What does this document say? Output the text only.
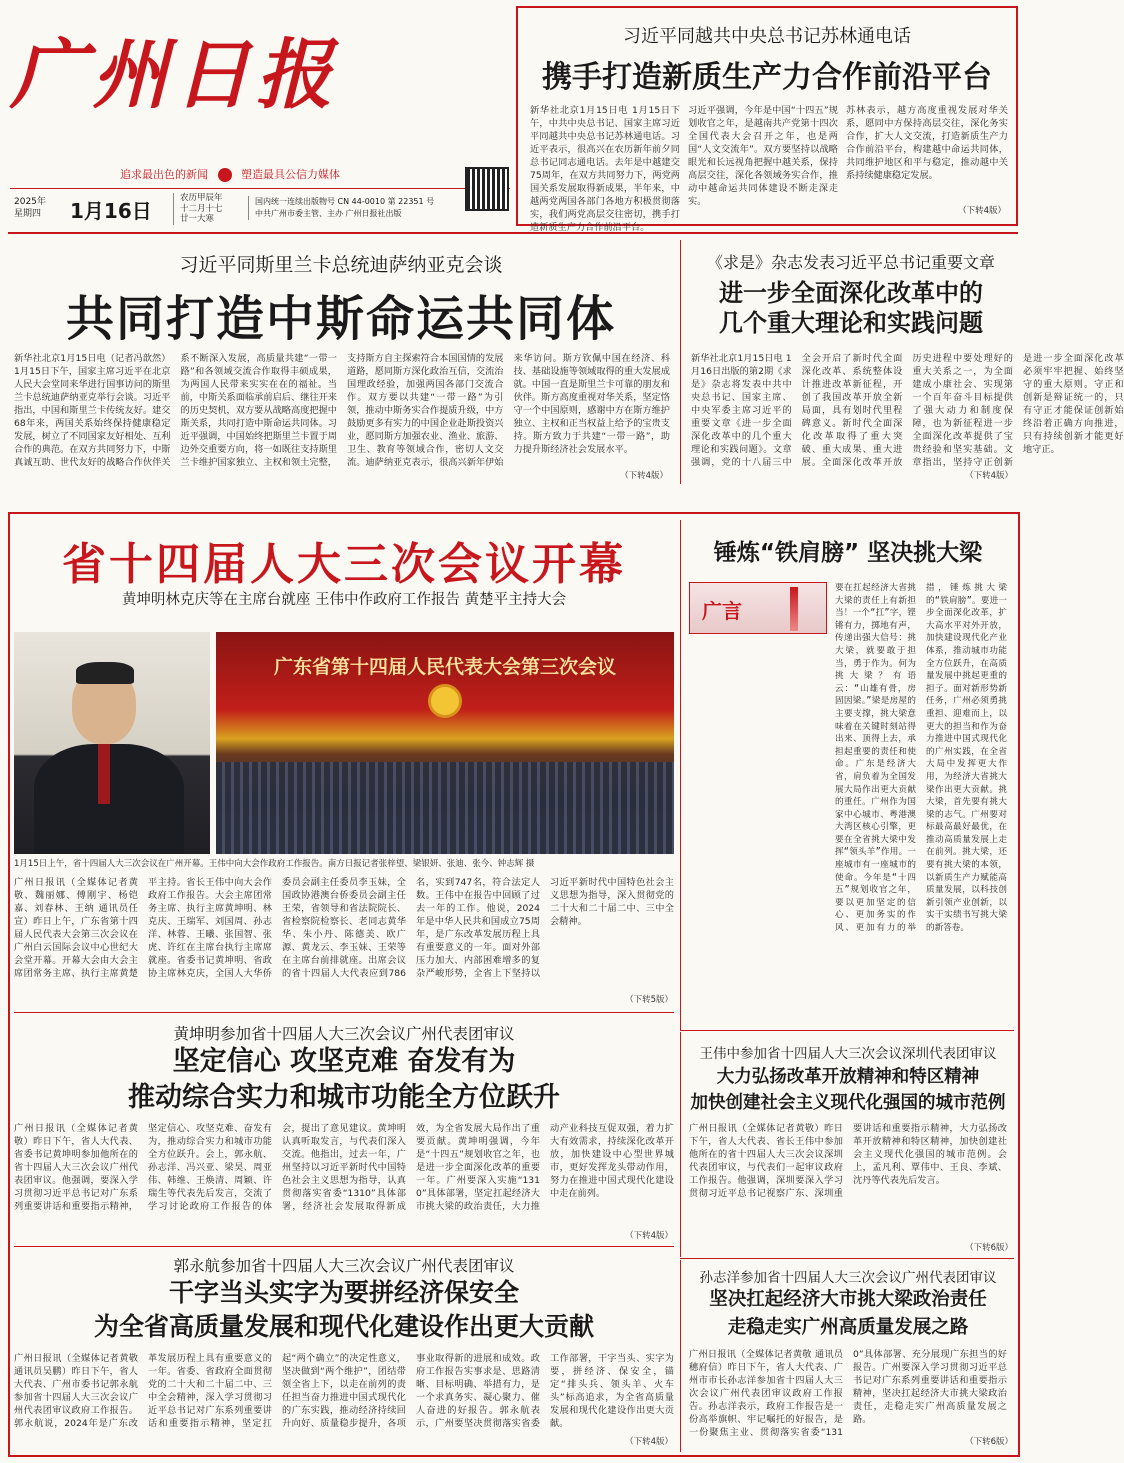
广州日报
追求最出色的新闻	塑造最具公信力媒体
2025年
星期四 1月16日
农历甲辰年
十二月十七
廿一大寒
国内统一连续出版物号 CN 44-0010 第 22351 号
中共广州市委主管、主办 广州日报社出版
习近平同越共中央总书记苏林通电话
携手打造新质生产力合作前沿平台
新华社北京1月15日电 1月15日下午，中共中央总书记、国家主席习近平同越共中央总书记苏林通电话。习近平表示，很高兴在农历新年前夕同总书记同志通电话。去年是中越建交75周年，在双方共同努力下，两党两国关系发展取得新成果，半年来，中越两党两国各部门各地方积极贯彻落实，我们两党高层交往密切，携手打造新质生产力合作前沿平台。
习近平强调，今年是中国“十四五”规划收官之年，是越南共产党第十四次全国代表大会召开之年，也是两国“人文交流年”。双方要坚持以战略眼光和长远视角把握中越关系，保持高层交往，深化各领域务实合作，推动中越命运共同体建设不断走深走实。
苏林表示，越方高度重视发展对华关系，愿同中方保持高层交往，深化务实合作，扩大人文交流，打造新质生产力合作前沿平台，构建越中命运共同体，共同维护地区和平与稳定，推动越中关系持续健康稳定发展。
（下转4版）
习近平同斯里兰卡总统迪萨纳亚克会谈
共同打造中斯命运共同体
新华社北京1月15日电（记者冯歆然）1月15日下午，国家主席习近平在北京人民大会堂同来华进行国事访问的斯里兰卡总统迪萨纳亚克举行会谈。习近平指出，中国和斯里兰卡传统友好。建交68年来，两国关系始终保持健康稳定发展，树立了不同国家友好相处、互利合作的典范。在双方共同努力下，中斯真诚互助、世代友好的战略合作伙伴关系不断深入发展，高质量共建“一带一路”和各领域交流合作取得丰硕成果，为两国人民带来实实在在的福祉。当前，中斯关系面临承前启后、继往开来的历史契机，双方要从战略高度把握中斯关系，共同打造中斯命运共同体。习近平强调，中国始终把斯里兰卡置于周边外交重要方向，将一如既往支持斯里兰卡维护国家独立、主权和领土完整，支持斯方自主探索符合本国国情的发展道路，愿同斯方深化政治互信，交流治国理政经验，加强两国各部门交流合作。双方要以共建“一带一路”为引领，推动中斯务实合作提质升级，中方鼓励更多有实力的中国企业赴斯投资兴业，愿同斯方加强农业、渔业、旅游、卫生、教育等领域合作，密切人文交流。迪萨纳亚克表示，很高兴新年伊始来华访问。斯方钦佩中国在经济、科技、基础设施等领域取得的重大发展成就。中国一直是斯里兰卡可靠的朋友和伙伴。斯方高度重视对华关系，坚定恪守一个中国原则，感谢中方在斯方维护独立、主权和正当权益上给予的宝贵支持。斯方致力于共建“一带一路”，助力提升斯经济社会发展水平。
《求是》杂志发表习近平总书记重要文章
进一步全面深化改革中的
几个重大理论和实践问题
新华社北京1月15日电 1月16日出版的第2期《求是》杂志将发表中共中央总书记、国家主席、中央军委主席习近平的重要文章《进一步全面深化改革中的几个重大理论和实践问题》。文章强调，党的十八届三中全会开启了新时代全面深化改革、系统整体设计推进改革新征程，开创了我国改革开放全新局面，具有划时代里程碑意义。新时代全面深化改革取得了重大突破、重大成果、重大进展。全面深化改革开放历史进程中要处理好的重大关系之一，为全面建成小康社会、实现第一个百年奋斗目标提供了强大动力和制度保障，也为新征程进一步全面深化改革提供了宝贵经验和坚实基础。文章指出，坚持守正创新是进一步全面深化改革必须牢牢把握、始终坚守的重大原则。守正和创新是辩证统一的，只有守正才能保证创新始终沿着正确方向推进，只有持续创新才能更好地守正。
省十四届人大三次会议开幕
黄坤明林克庆等在主席台就座 王伟中作政府工作报告 黄楚平主持大会
广东省第十四届人民代表大会第三次会议
1月15日上午，省十四届人大三次会议在广州开幕。王伟中向大会作政府工作报告。南方日报记者张梓望、梁银妍、张迪、张今、钟志辉 摄
广州日报讯（全媒体记者黄敬、魏丽娜、傅刚宇、杨铠嘉、刘春林、王纳 通讯员任宣）昨日上午，广东省第十四届人民代表大会第三次会议在广州白云国际会议中心世纪大会堂开幕。开幕大会由大会主席团常务主席、执行主席黄楚平主持。省长王伟中向大会作政府工作报告。大会主席团常务主席、执行主席黄坤明、林克庆、王瑞军、刘国周、孙志洋、林蓉、王曦、张国智、张虎、许红在主席台执行主席席就座。省委书记黄坤明、省政协主席林克庆，全国人大华侨委员会副主任委员李玉妹，全国政协港澳台侨委员会副主任王荣，省领导和省法院院长、省检察院检察长、老同志黄华华、朱小丹、陈德美、欧广源、黄龙云、李玉妹、王荣等在主席台前排就座。出席会议的省十四届人大代表应到786名，实到747名，符合法定人数。王伟中在报告中回顾了过去一年的工作。他说，2024年是中华人民共和国成立75周年，是广东改革发展历程上具有重要意义的一年。面对外部压力加大、内部困难增多的复杂严峻形势，全省上下坚持以习近平新时代中国特色社会主义思想为指导，深入贯彻党的二十大和二十届二中、三中全会精神。
锤炼“铁肩膀” 坚决挑大梁
广言
要在扛起经济大省挑大梁的责任上有新担当！一个“扛”字，铿锵有力，掷地有声，传递出强大信号：挑大梁，就要敢于担当，勇于作为。何为挑大梁？有语云：“山雄有骨，房固因梁。”梁是房屋的主要支撑，挑大梁意味着在关键时刻站得出来、顶得上去，承担起重要的责任和使命。广东是经济大省，肩负着为全国发展大局作出更大贡献的重任。广州作为国家中心城市、粤港澳大湾区核心引擎，更要在全省挑大梁中发挥“领头羊”作用。一座城市有一座城市的使命。今年是“十四五”规划收官之年，要以更加坚定的信心、更加务实的作风、更加有力的举措，锤炼挑大梁的“铁肩膀”。要进一步全面深化改革，扩大高水平对外开放，加快建设现代化产业体系，推动城市功能全方位跃升，在高质量发展中挑起更重的担子。面对新形势新任务，广州必须勇挑重担、迎难而上，以更大的担当和作为奋力推进中国式现代化的广州实践，在全省大局中发挥更大作用，为经济大省挑大梁作出更大贡献。挑大梁，首先要有挑大梁的志气。广州要对标最高最好最优，在推动高质量发展上走在前列。挑大梁，还要有挑大梁的本领，以新质生产力赋能高质量发展，以科技创新引领产业创新，以实干实绩书写挑大梁的新答卷。
黄坤明参加省十四届人大三次会议广州代表团审议
坚定信心 攻坚克难 奋发有为
推动综合实力和城市功能全方位跃升
广州日报讯（全媒体记者黄敬）昨日下午，省人大代表、省委书记黄坤明参加他所在的省十四届人大三次会议广州代表团审议。他强调，要深入学习贯彻习近平总书记对广东系列重要讲话和重要指示精神，坚定信心、攻坚克难、奋发有为，推动综合实力和城市功能全方位跃升。会上，郭永航、孙志洋、冯兴亚、梁昊、周亚伟、韩维、王焕清、周颖、许瑞生等代表先后发言，交流了学习讨论政府工作报告的体会，提出了意见建议。黄坤明认真听取发言，与代表们深入交流。他指出，过去一年，广州坚持以习近平新时代中国特色社会主义思想为指导，认真贯彻落实省委“1310”具体部署，经济社会发展取得新成效，为全省发展大局作出了重要贡献。黄坤明强调，今年是“十四五”规划收官之年，也是进一步全面深化改革的重要一年。广州要深入实施“1310”具体部署，坚定扛起经济大市挑大梁的政治责任，大力推动产业科技互促双强，着力扩大有效需求，持续深化改革开放，加快建设中心型世界城市，更好发挥龙头带动作用，努力在推进中国式现代化建设中走在前列。
王伟中参加省十四届人大三次会议深圳代表团审议
大力弘扬改革开放精神和特区精神
加快创建社会主义现代化强国的城市范例
广州日报讯（全媒体记者黄敬）昨日下午，省人大代表、省长王伟中参加他所在的省十四届人大三次会议深圳代表团审议，与代表们一起审议政府工作报告。他强调，深圳要深入学习贯彻习近平总书记视察广东、深圳重要讲话和重要指示精神，大力弘扬改革开放精神和特区精神，加快创建社会主义现代化强国的城市范例。会上，孟凡利、覃伟中、王良、李斌、沈丹等代表先后发言。
郭永航参加省十四届人大三次会议广州代表团审议
干字当头实字为要拼经济保安全
为全省高质量发展和现代化建设作出更大贡献
广州日报讯（全媒体记者黄敬 通讯员吴鹏）昨日下午，省人大代表、广州市委书记郭永航参加省十四届人大三次会议广州代表团审议政府工作报告。郭永航说，2024年是广东改革发展历程上具有重要意义的一年。省委、省政府全面贯彻党的二十大和二十届二中、三中全会精神，深入学习贯彻习近平总书记对广东系列重要讲话和重要指示精神，坚定扛起“两个确立”的决定性意义，坚决做到“两个维护”，团结带领全省上下，以走在前列的责任担当奋力推进中国式现代化的广东实践，推动经济持续回升向好、质量稳步提升，各项事业取得新的进展和成效。政府工作报告实事求是、思路清晰、目标明确、举措有力，是一个求真务实、凝心聚力、催人奋进的好报告。郭永航表示，广州要坚决贯彻落实省委工作部署，干字当头、实字为要，拼经济、保安全，锚定“排头兵、领头羊、火车头”标高追求，为全省高质量发展和现代化建设作出更大贡献。
孙志洋参加省十四届人大三次会议广州代表团审议
坚决扛起经济大市挑大梁政治责任
走稳走实广州高质量发展之路
广州日报讯（全媒体记者黄敬 通讯员穗府信）昨日下午，省人大代表、广州市市长孙志洋参加省十四届人大三次会议广州代表团审议政府工作报告。孙志洋表示，政府工作报告是一份高举旗帜、牢记嘱托的好报告，是一份聚焦主业、贯彻落实省委“1310”具体部署、充分展现广东担当的好报告。广州要深入学习贯彻习近平总书记对广东系列重要讲话和重要指示精神，坚决扛起经济大市挑大梁政治责任，走稳走实广州高质量发展之路。
（下转4版）	（下转4版）
（下转5版）
（下转4版）
（下转6版）
（下转4版）	（下转6版）
